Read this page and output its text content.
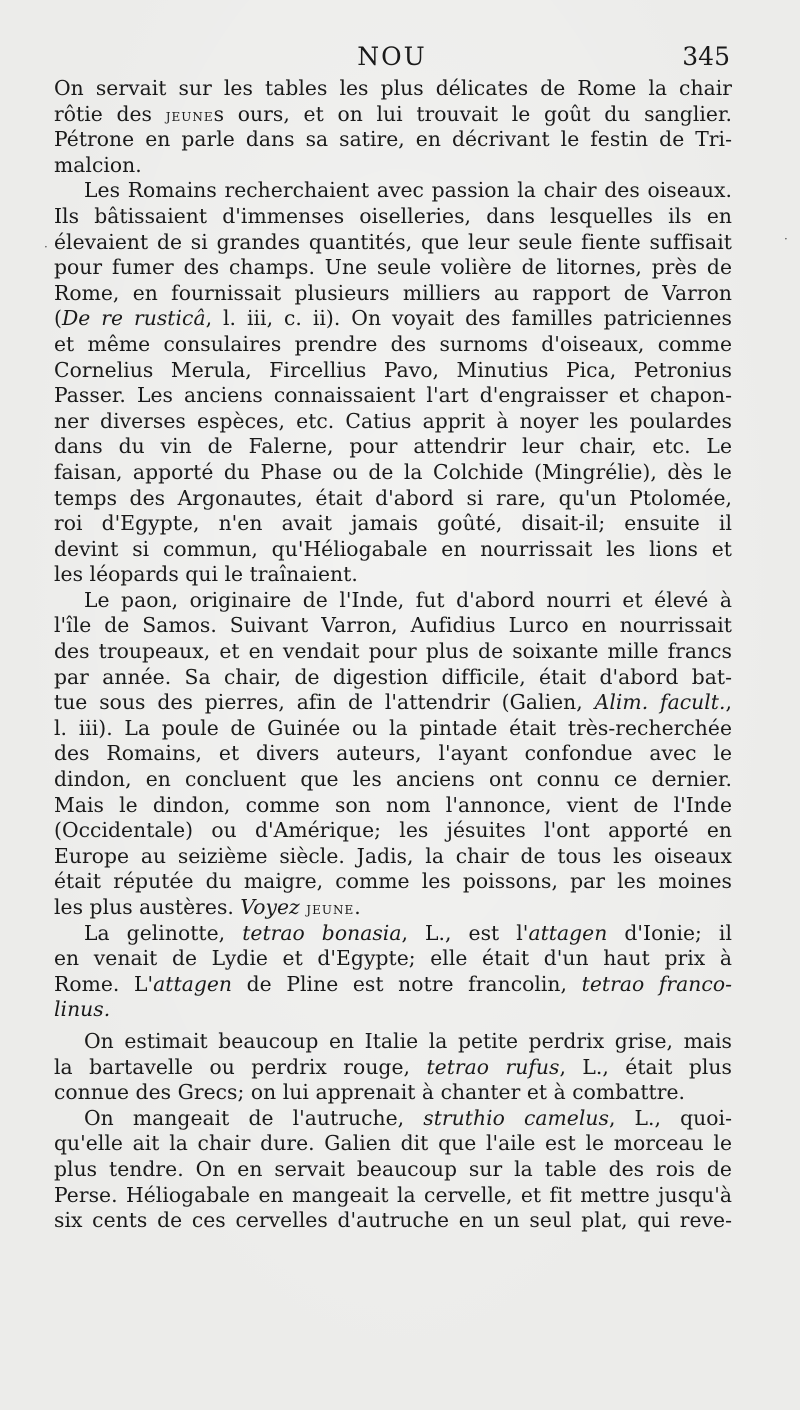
NOU	345
·
·
On servait sur les tables les plus délicates de Rome la chair
rôtie des jeunes ours, et on lui trouvait le goût du sanglier.
Pétrone en parle dans sa satire, en décrivant le festin de Tri-
malcion.
Les Romains recherchaient avec passion la chair des oiseaux.
Ils bâtissaient d'immenses oiselleries, dans lesquelles ils en
élevaient de si grandes quantités, que leur seule fiente suffisait
pour fumer des champs. Une seule volière de litornes, près de
Rome, en fournissait plusieurs milliers au rapport de Varron
(De re rusticâ, l. iii, c. ii). On voyait des familles patriciennes
et même consulaires prendre des surnoms d'oiseaux, comme
Cornelius Merula, Fircellius Pavo, Minutius Pica, Petronius
Passer. Les anciens connaissaient l'art d'engraisser et chapon-
ner diverses espèces, etc. Catius apprit à noyer les poulardes
dans du vin de Falerne, pour attendrir leur chair, etc. Le
faisan, apporté du Phase ou de la Colchide (Mingrélie), dès le
temps des Argonautes, était d'abord si rare, qu'un Ptolomée,
roi d'Egypte, n'en avait jamais goûté, disait-il; ensuite il
devint si commun, qu'Héliogabale en nourrissait les lions et
les léopards qui le traînaient.
Le paon, originaire de l'Inde, fut d'abord nourri et élevé à
l'île de Samos. Suivant Varron, Aufidius Lurco en nourrissait
des troupeaux, et en vendait pour plus de soixante mille francs
par année. Sa chair, de digestion difficile, était d'abord bat-
tue sous des pierres, afin de l'attendrir (Galien, Alim. facult.,
l. iii). La poule de Guinée ou la pintade était très-recherchée
des Romains, et divers auteurs, l'ayant confondue avec le
dindon, en concluent que les anciens ont connu ce dernier.
Mais le dindon, comme son nom l'annonce, vient de l'Inde
(Occidentale) ou d'Amérique; les jésuites l'ont apporté en
Europe au seizième siècle. Jadis, la chair de tous les oiseaux
était réputée du maigre, comme les poissons, par les moines
les plus austères. Voyez jeune.
La gelinotte, tetrao bonasia, L., est l'attagen d'Ionie; il
en venait de Lydie et d'Egypte; elle était d'un haut prix à
Rome. L'attagen de Pline est notre francolin, tetrao franco-
linus.
On estimait beaucoup en Italie la petite perdrix grise, mais
la bartavelle ou perdrix rouge, tetrao rufus, L., était plus
connue des Grecs; on lui apprenait à chanter et à combattre.
On mangeait de l'autruche, struthio camelus, L., quoi-
qu'elle ait la chair dure. Galien dit que l'aile est le morceau le
plus tendre. On en servait beaucoup sur la table des rois de
Perse. Héliogabale en mangeait la cervelle, et fit mettre jusqu'à
six cents de ces cervelles d'autruche en un seul plat, qui reve-
